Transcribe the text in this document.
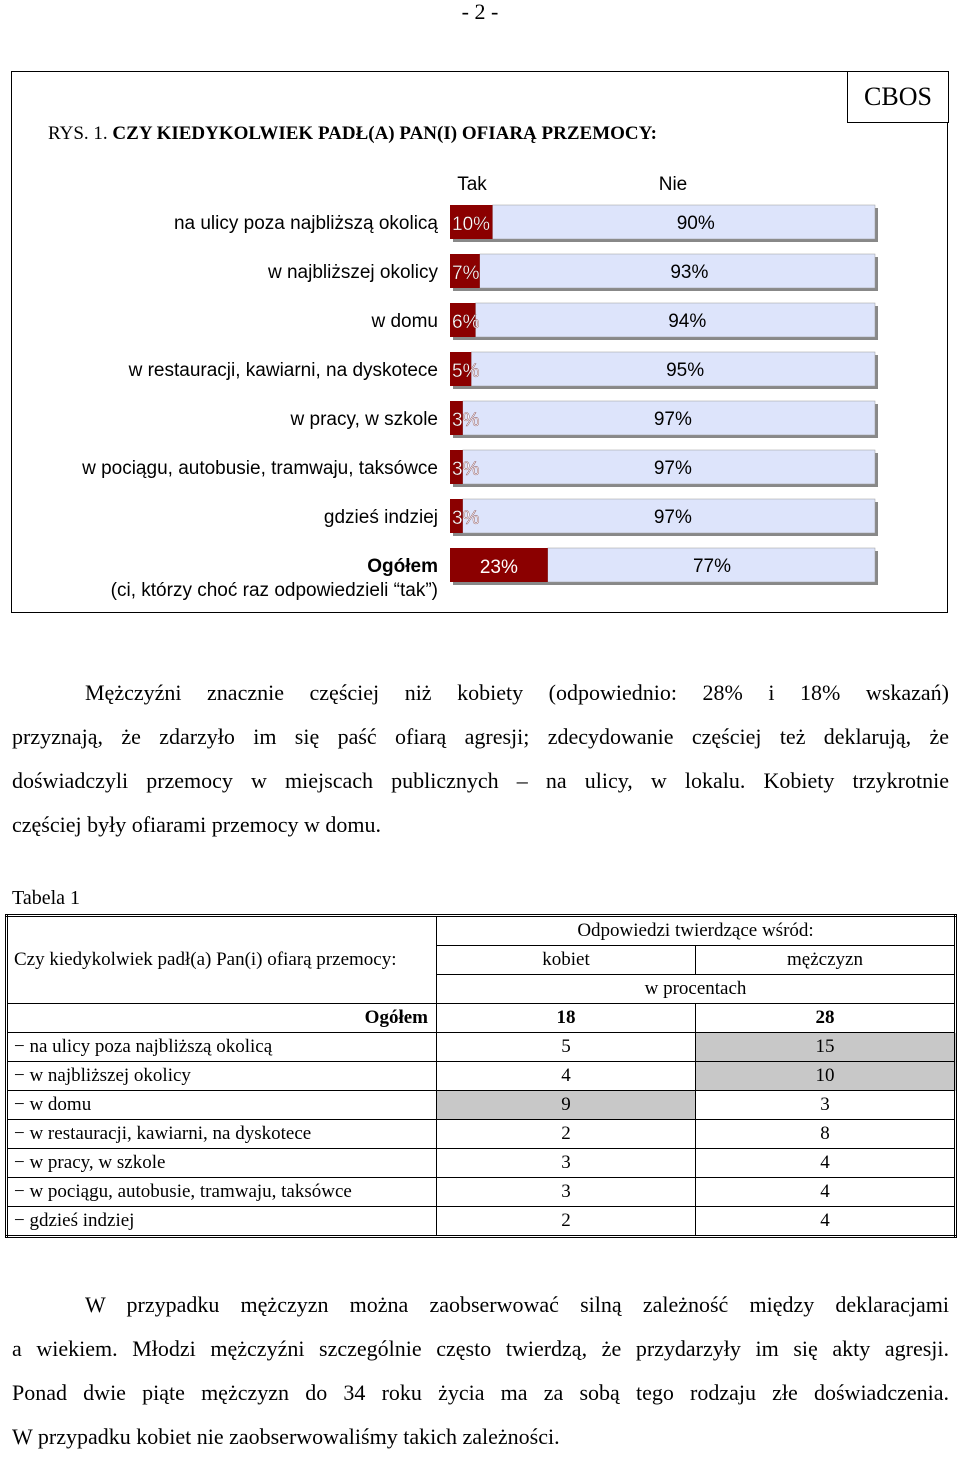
- 2 -
CBOS
RYS. 1. CZY KIEDYKOLWIEK PADŁ(A) PAN(I) OFIARĄ PRZEMOCY:
Tak	Nie
10%	90%
na ulicy poza najbliższą okolicą
7%	93%
w najbliższej okolicy
6%	94%
w domu
5%	95%
w restauracji, kawiarni, na dyskotece
3%	97%
w pracy, w szkole
3%	97%
w pociągu, autobusie, tramwaju, taksówce
3%	97%
gdzieś indziej
23%	77%
Ogółem
(ci, którzy choć raz odpowiedzieli “tak”)
Mężczyźni znacznie częściej niż kobiety (odpowiednio: 28% i 18% wskazań)
przyznają, że zdarzyło im się paść ofiarą agresji; zdecydowanie częściej też deklarują, że
doświadczyli przemocy w miejscach publicznych – na ulicy, w lokalu. Kobiety trzykrotnie
częściej były ofiarami przemocy w domu.
Tabela 1
	Odpowiedzi twierdzące wśród:	
Czy kiedykolwiek padł(a) Pan(i) ofiarą przemocy:	kobiet	mężczyzn
	w procentach	
Ogółem	18	28
− na ulicy poza najbliższą okolicą	5	15
− w najbliższej okolicy	4	10
− w domu	9	3
− w restauracji, kawiarni, na dyskotece	2	8
− w pracy, w szkole	3	4
− w pociągu, autobusie, tramwaju, taksówce	3	4
− gdzieś indziej	2	4
W przypadku mężczyzn można zaobserwować silną zależność między deklaracjami
a wiekiem. Młodzi mężczyźni szczególnie często twierdzą, że przydarzyły im się akty agresji.
Ponad dwie piąte mężczyzn do 34 roku życia ma za sobą tego rodzaju złe doświadczenia.
W przypadku kobiet nie zaobserwowaliśmy takich zależności.
